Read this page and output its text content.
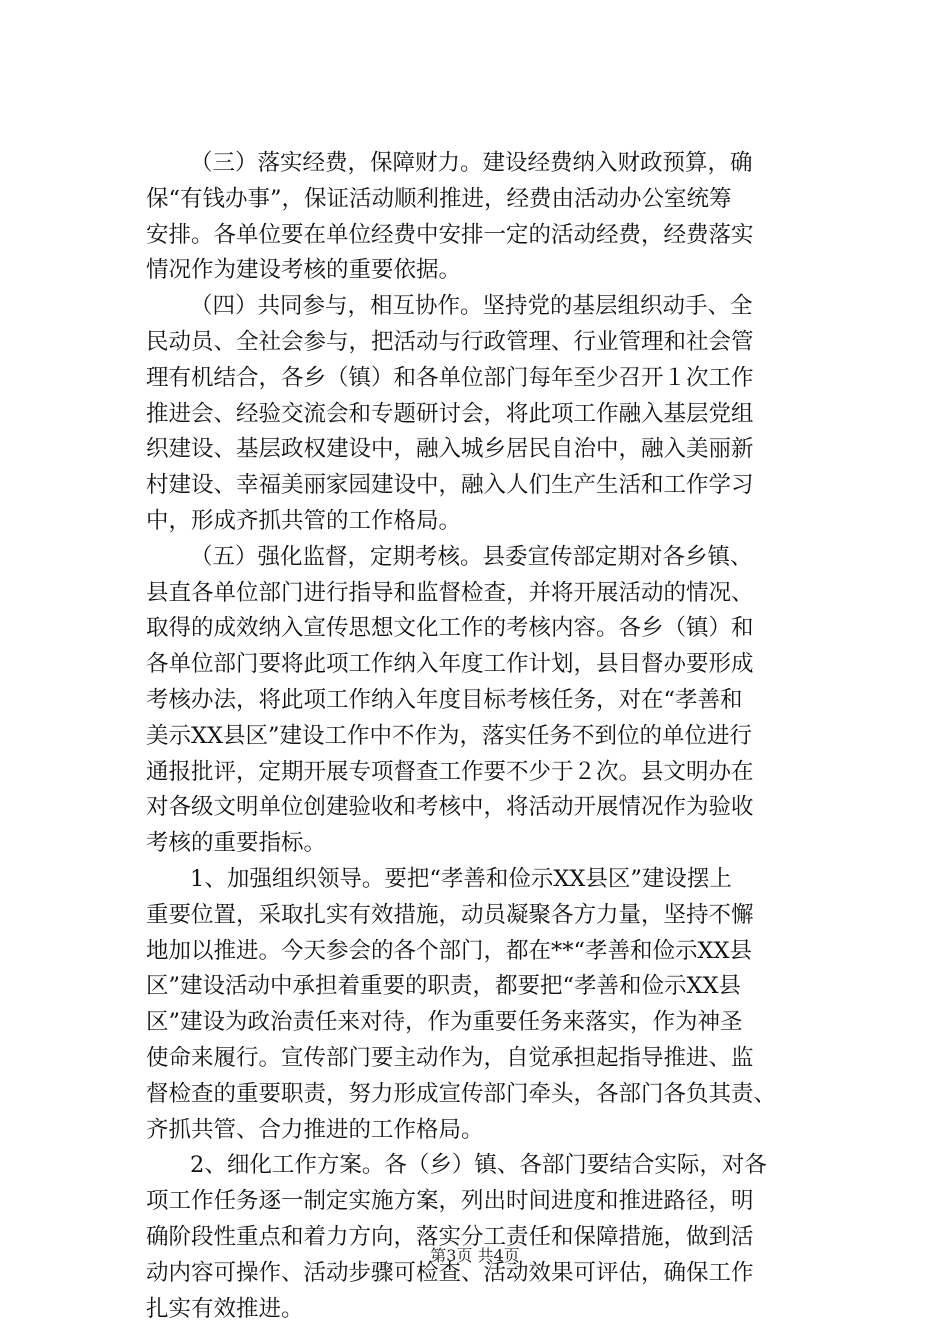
（三）落实经费，保障财力。建设经费纳入财政预算，确
保“有钱办事”，保证活动顺利推进，经费由活动办公室统筹
安排。各单位要在单位经费中安排一定的活动经费，经费落实
情况作为建设考核的重要依据。
（四）共同参与，相互协作。坚持党的基层组织动手、全
民动员、全社会参与，把活动与行政管理、行业管理和社会管
理有机结合，各乡（镇）和各单位部门每年至少召开１次工作
推进会、经验交流会和专题研讨会，将此项工作融入基层党组
织建设、基层政权建设中，融入城乡居民自治中，融入美丽新
村建设、幸福美丽家园建设中，融入人们生产生活和工作学习
中，形成齐抓共管的工作格局。
（五）强化监督，定期考核。县委宣传部定期对各乡镇、
县直各单位部门进行指导和监督检查，并将开展活动的情况、
取得的成效纳入宣传思想文化工作的考核内容。各乡（镇）和
各单位部门要将此项工作纳入年度工作计划，县目督办要形成
考核办法，将此项工作纳入年度目标考核任务，对在“孝善和
美示XX县区”建设工作中不作为，落实任务不到位的单位进行
通报批评，定期开展专项督查工作要不少于２次。县文明办在
对各级文明单位创建验收和考核中，将活动开展情况作为验收
考核的重要指标。
1、加强组织领导。要把“孝善和俭示XX县区”建设摆上
重要位置，采取扎实有效措施，动员凝聚各方力量，坚持不懈
地加以推进。今天参会的各个部门，都在**“孝善和俭示XX县
区”建设活动中承担着重要的职责，都要把“孝善和俭示XX县
区”建设为政治责任来对待，作为重要任务来落实，作为神圣
使命来履行。宣传部门要主动作为，自觉承担起指导推进、监
督检查的重要职责，努力形成宣传部门牵头，各部门各负其责、
齐抓共管、合力推进的工作格局。
2、细化工作方案。各（乡）镇、各部门要结合实际，对各
项工作任务逐一制定实施方案，列出时间进度和推进路径，明
确阶段性重点和着力方向，落实分工责任和保障措施，做到活
动内容可操作、活动步骤可检查、活动效果可评估，确保工作
扎实有效推进。
第3页 共4页
